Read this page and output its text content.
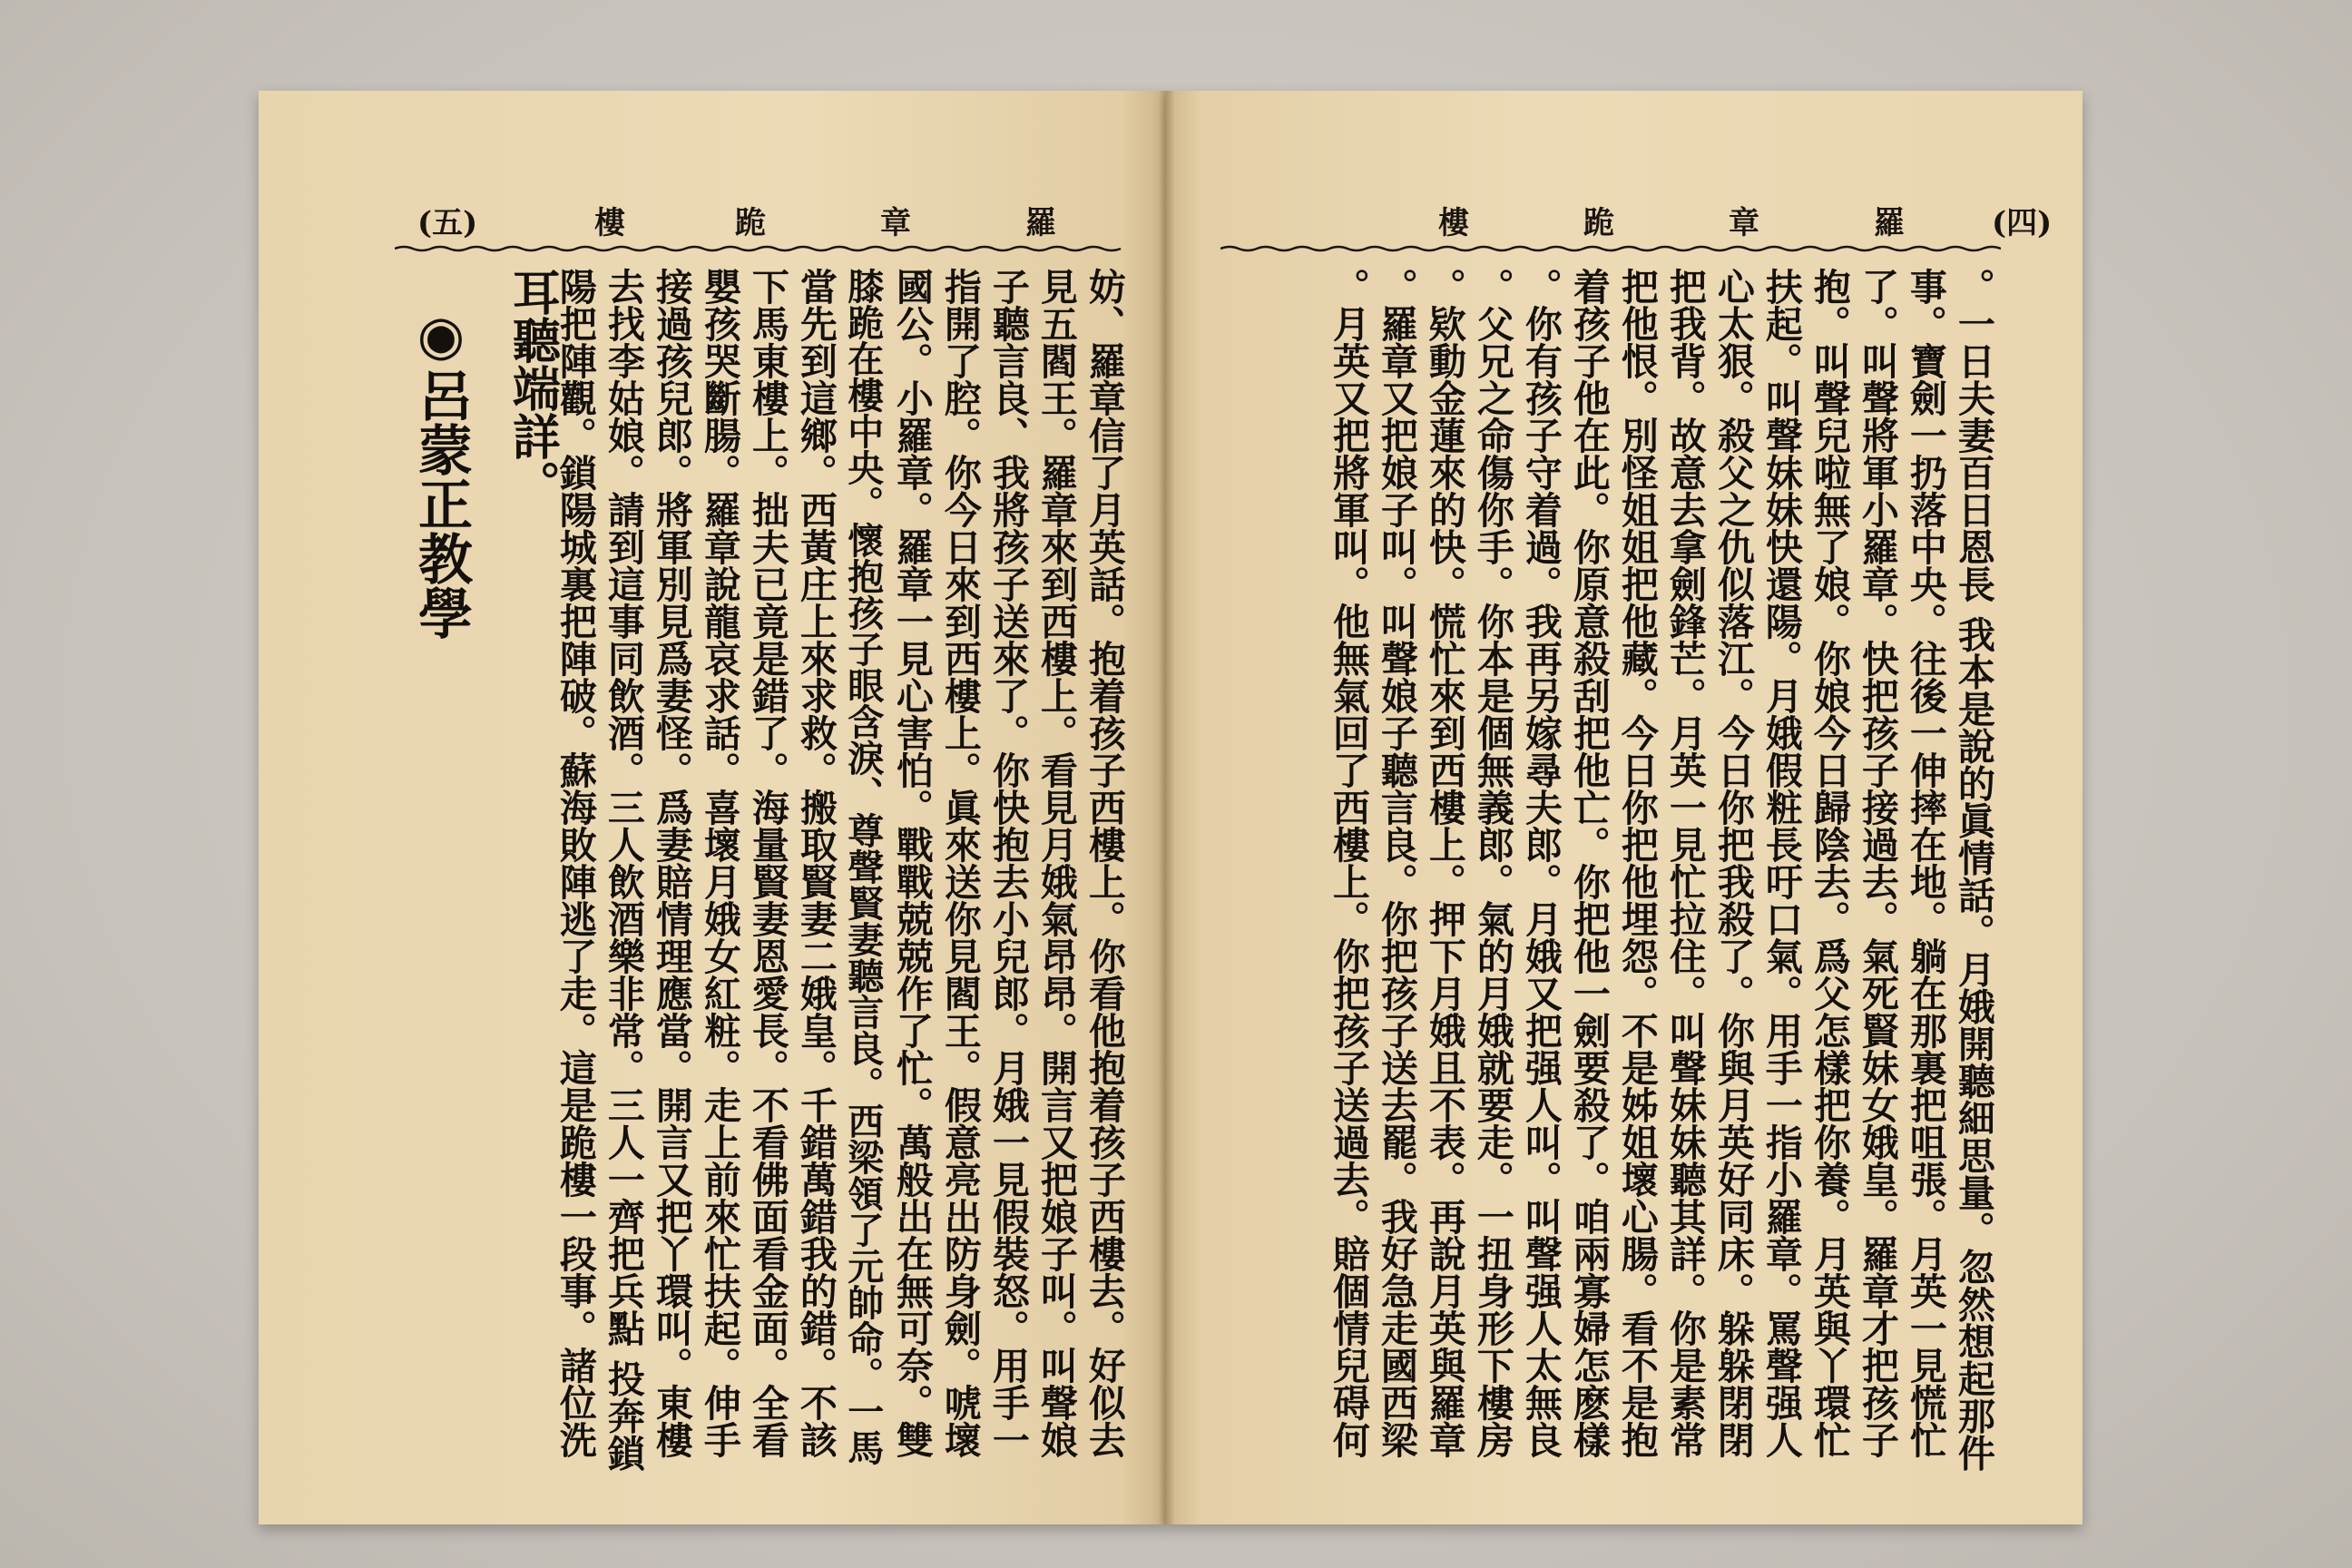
(五)	樓	跪	章	羅
妨、羅章信了月英話。抱着孩子西樓上。你看他抱着孩子西樓去。好似去
見五閻王。羅章來到西樓上。看見月娥氣昂昂。開言又把娘子叫。叫聲娘
子聽言良、我將孩子送來了。你快抱去小兒郎。月娥一見假裝怒。用手一
指開了腔。你今日來到西樓上。眞來送你見閻王。假意亮出防身劍。唬壞
國公。小羅章。羅章一見心害怕。戰戰兢兢作了忙。萬般出在無可奈。雙
膝跪在樓中央。懷抱孩子眼含淚、尊聲賢妻聽言良。西梁領了元帥命。一馬
當先到這鄉。西黃庄上來求救。搬取賢妻二娥皇。千錯萬錯我的錯。不該
下馬東樓上。拙夫已竟是錯了。海量賢妻恩愛長。不看佛面看金面。全看
嬰孩哭斷腸。羅章說龍哀求話。喜壞月娥女紅粧。走上前來忙扶起。伸手
接過孩兒郎。將軍別見爲妻怪。爲妻賠情理應當。開言又把丫環叫。東樓
去找李姑娘。請到這事同飲酒。三人飲酒樂非常。三人一齊把兵點 投奔鎖
陽把陣觀。鎖陽城裏把陣破。蘇海敗陣逃了走。這是跪樓一段事。諸位洗
耳聽端詳。
◉呂蒙正教學
樓	跪	章	羅	(四)
。一日夫妻百日恩長 我本是說的眞情話。月娥開聽細思量。忽然想起那件
事。寶劍一扔落中央。往後一伸摔在地。躺在那裏把咀張。月英一見慌忙
了。叫聲將軍小羅章。快把孩子接過去。氣死賢妹女娥皇。羅章才把孩子
抱。叫聲兒啦無了娘。你娘今日歸陰去。爲父怎樣把你養。月英與丫環忙
扶起。叫聲妹妹快還陽。月娥假粧長吁口氣。用手一指小羅章。罵聲强人
心太狠。殺父之仇似落江。今日你把我殺了。你與月英好同床。躲躲閉閉
把我背。故意去拿劍鋒芒。月英一見忙拉住。叫聲妹妹聽其詳。你是素常
把他恨。別怪姐姐把他藏。今日你把他埋怨。不是姊姐壞心腸。看不是抱
着孩子他在此。你原意殺刮把他亡。你把他一劍要殺了。咱兩寡婦怎麽樣
。你有孩子守着過。我再另嫁尋夫郎。月娥又把强人叫。叫聲强人太無良
。父兄之命傷你手。你本是個無義郎。氣的月娥就要走。一扭身形下樓房
。欵動金蓮來的快。慌忙來到西樓上。押下月娥且不表。再說月英與羅章
。羅章又把娘子叫。叫聲娘子聽言良。你把孩子送去罷。我好急走國西梁
。月英又把將軍叫。他無氣回了西樓上。你把孩子送過去。賠個情兒碍何
